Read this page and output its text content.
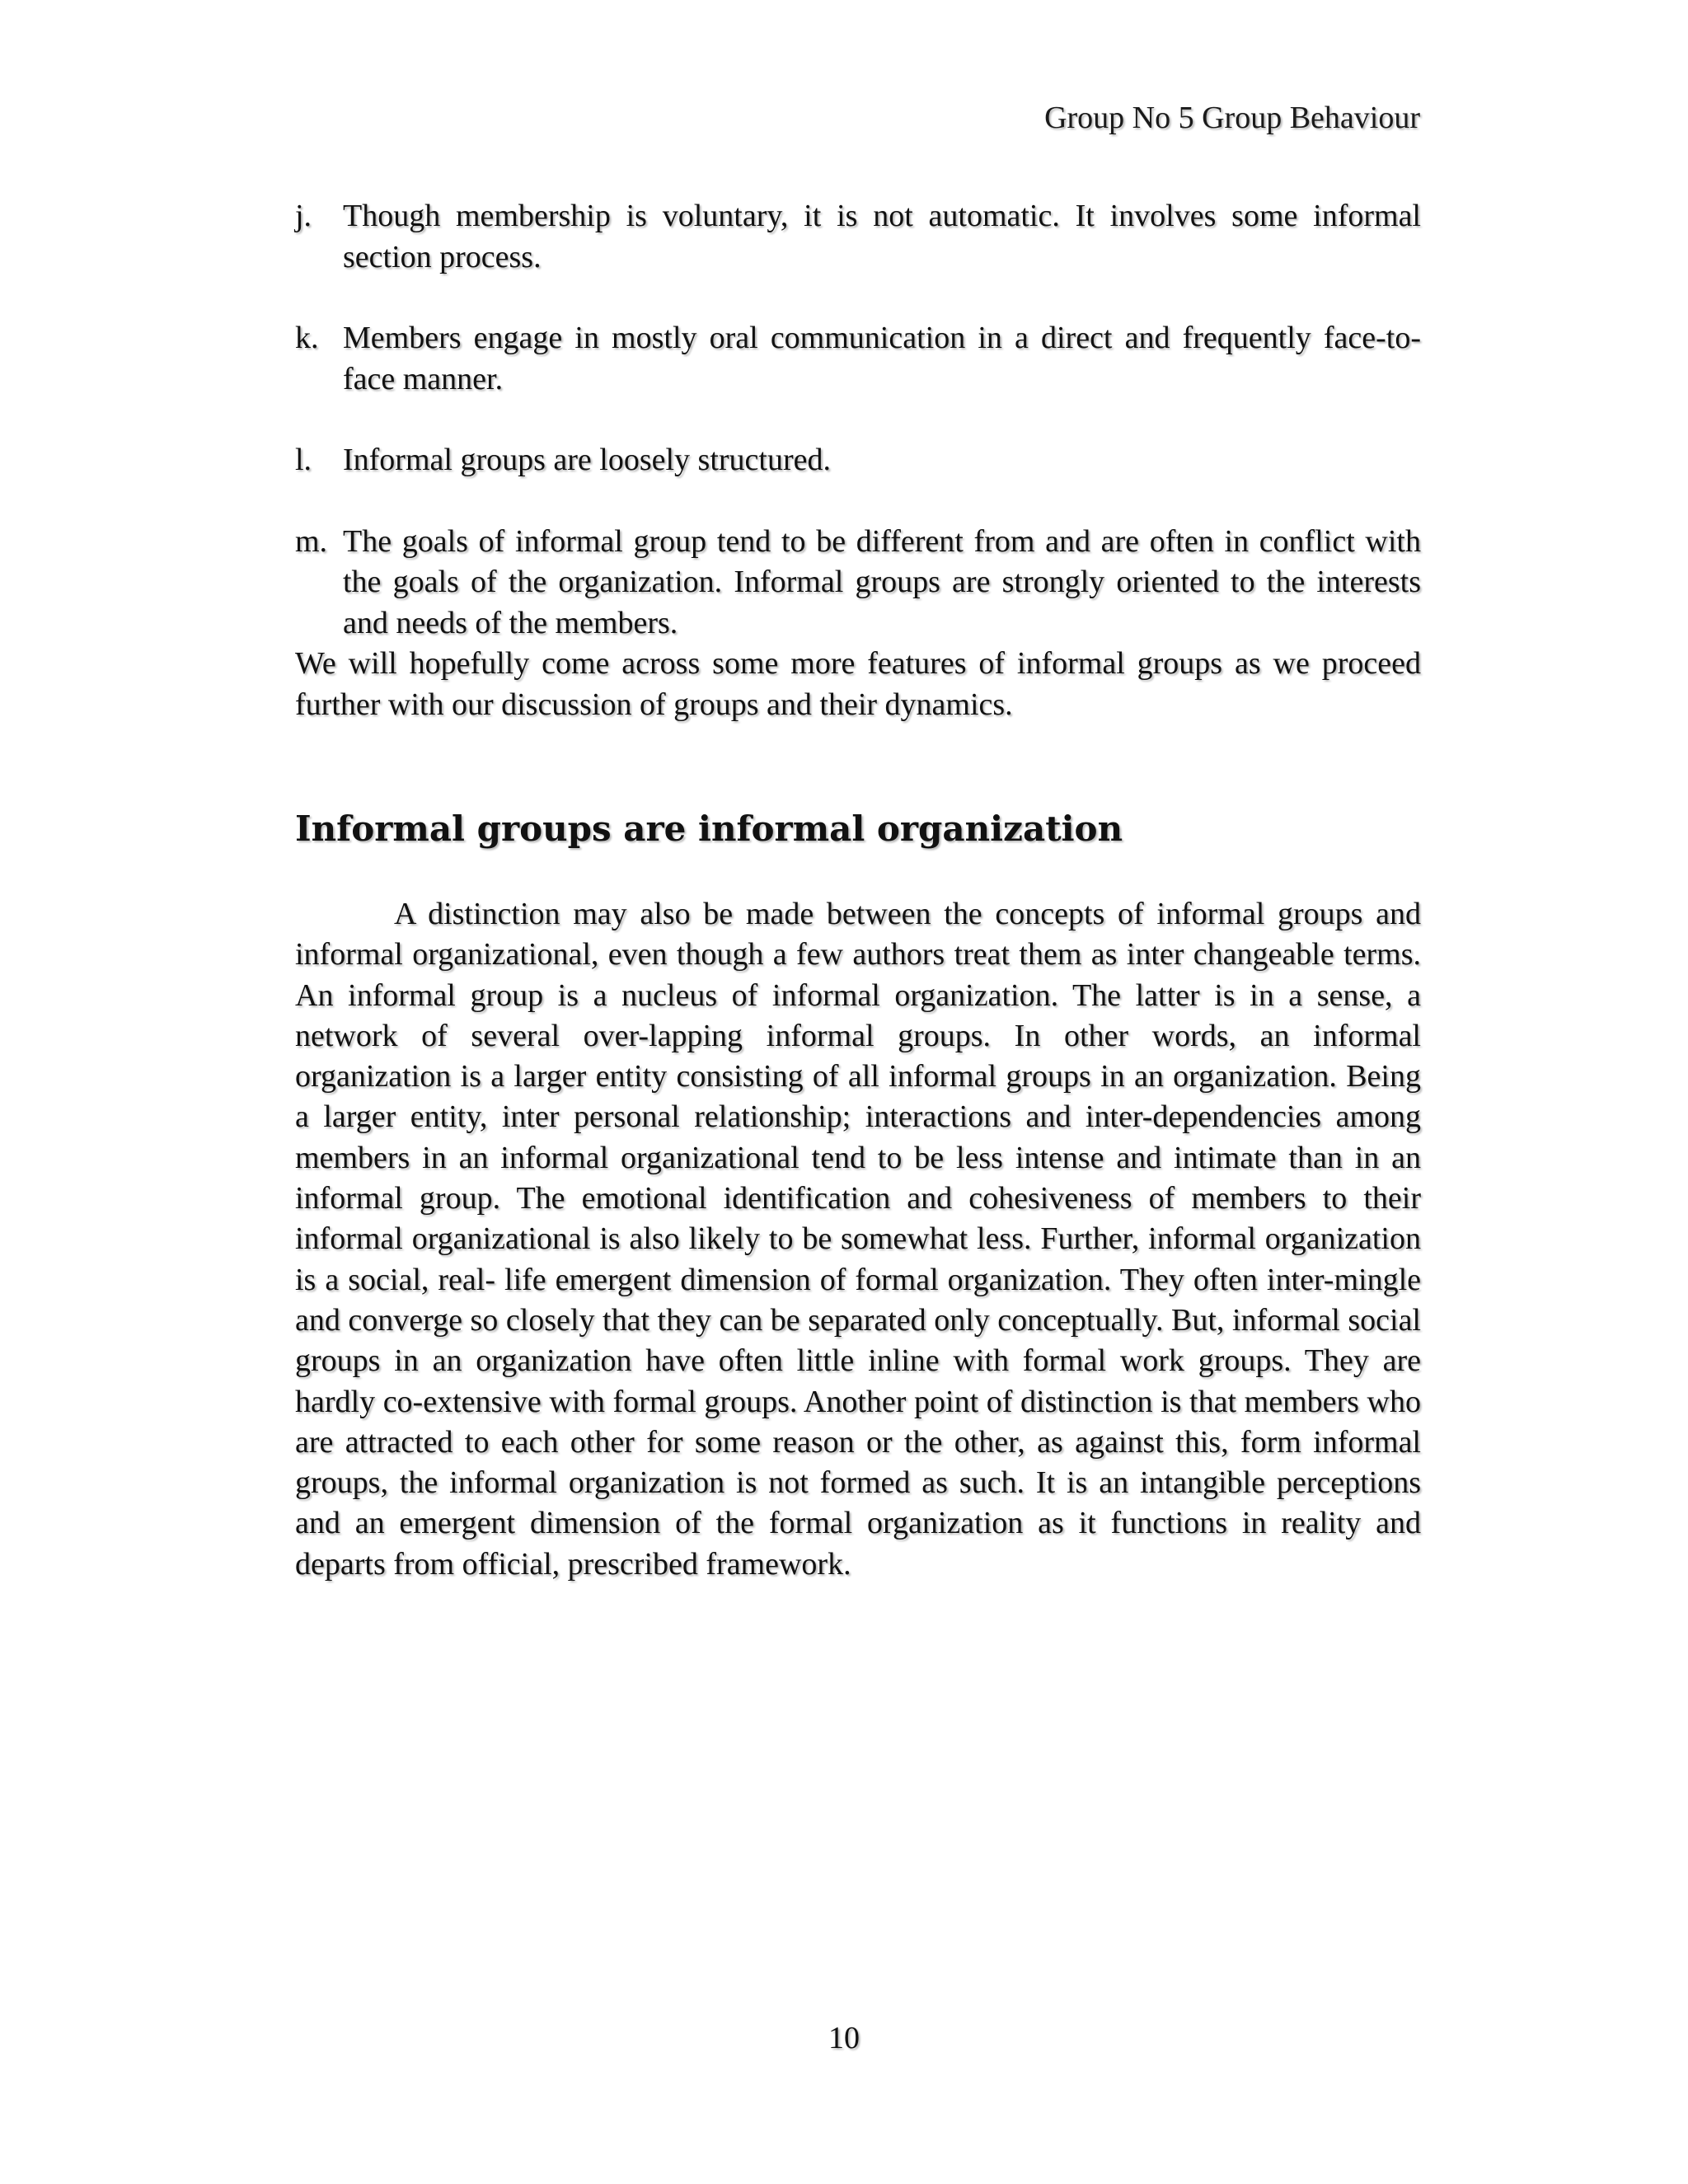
Group No 5 Group Behaviour
j. Though membership is voluntary, it is not automatic. It involves some informal section process.
k. Members engage in mostly oral communication in a direct and frequently face-to-face manner.
l. Informal groups are loosely structured.
m. The goals of informal group tend to be different from and are often in conflict with the goals of the organization. Informal groups are strongly oriented to the interests and needs of the members.

We will hopefully come across some more features of informal groups as we proceed further with our discussion of groups and their dynamics.

Informal groups are informal organization

A distinction may also be made between the concepts of informal groups and informal organizational, even though a few authors treat them as inter changeable terms. An informal group is a nucleus of informal organization. The latter is in a sense, a network of several over-lapping informal groups. In other words, an informal organization is a larger entity consisting of all informal groups in an organization. Being a larger entity, inter personal relationship; interactions and inter-dependencies among members in an informal organizational tend to be less intense and intimate than in an informal group. The emotional identification and cohesiveness of members to their informal organizational is also likely to be somewhat less. Further, informal organization is a social, real- life emergent dimension of formal organization. They often inter-mingle and converge so closely that they can be separated only conceptually. But, informal social groups in an organization have often little inline with formal work groups. They are hardly co-extensive with formal groups. Another point of distinction is that members who are attracted to each other for some reason or the other, as against this, form informal groups, the informal organization is not formed as such. It is an intangible perceptions and an emergent dimension of the formal organization as it functions in reality and departs from official, prescribed framework.

10
